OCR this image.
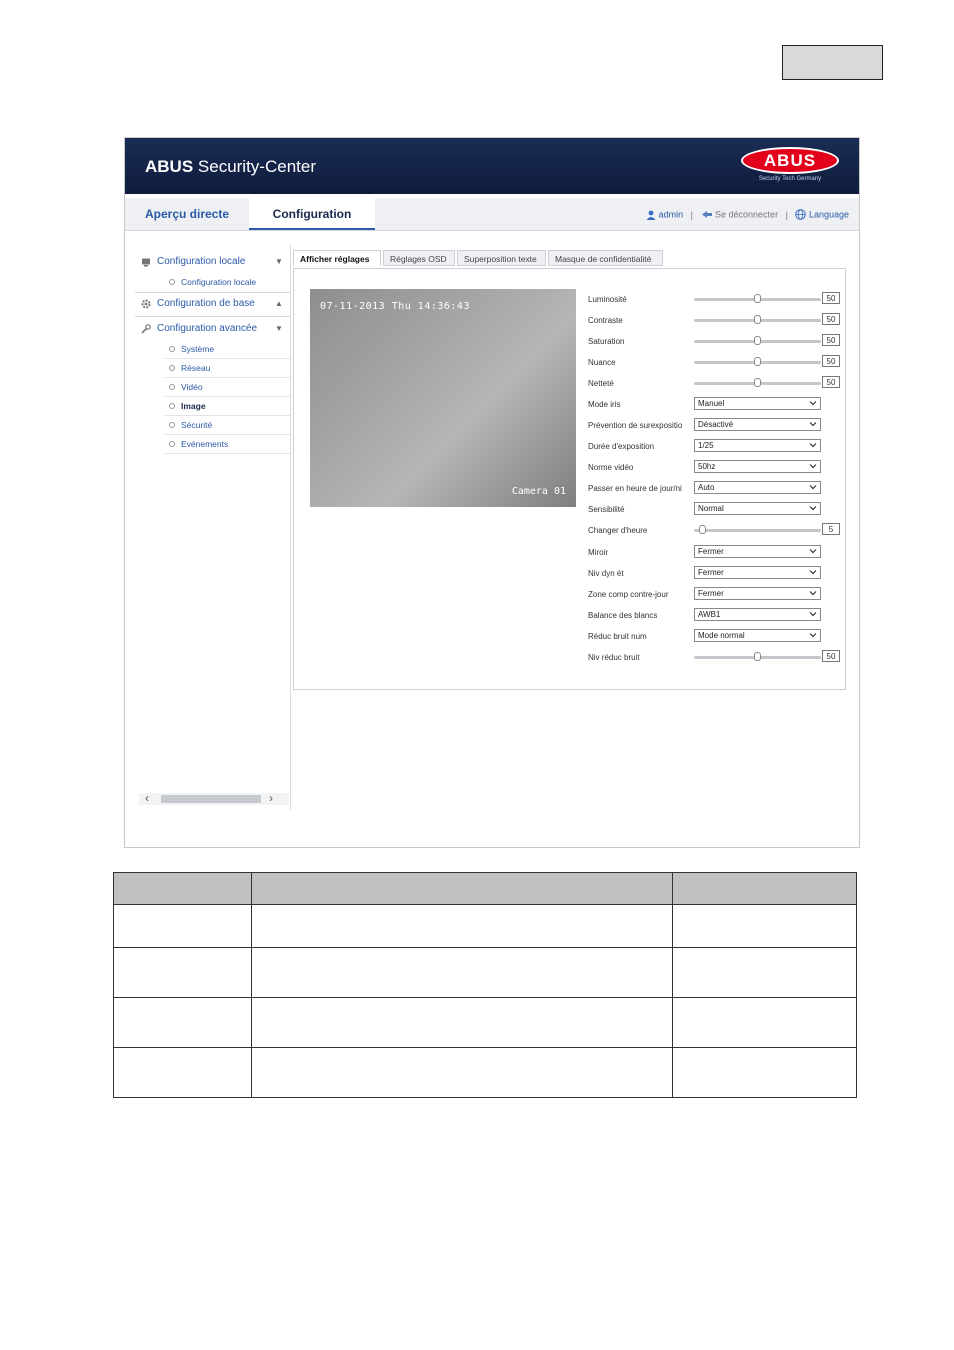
ABUS Security-Center	ABUS
Security Tech Germany
Aperçu directe	Configuration	admin | Se déconnecter | Language
Configuration locale	▼
Configuration locale
Configuration de base	▲
Configuration avancée ▼
Système
Réseau
Vidéo
Image
Sécurité
Evénements
‹	›
Afficher réglages	Réglages OSD	Superposition texte	Masque de confidentialité
07-11-2013 Thu 14:36:43
Camera 01
Luminosité	50
Contraste	50
Saturation	50
Nuance	50
Netteté	50
Mode iris	Manuel
Prévention de surexpositio	Désactivé
Durée d'exposition	1/25
Norme vidéo	50hz
Passer en heure de jour/ni	Auto
Sensibilité	Normal
Changer d'heure	5
Miroir	Fermer
Niv dyn ét	Fermer
Zone comp contre-jour	Fermer
Balance des blancs	AWB1
Réduc bruit num	Mode normal
Niv réduc bruit	50
